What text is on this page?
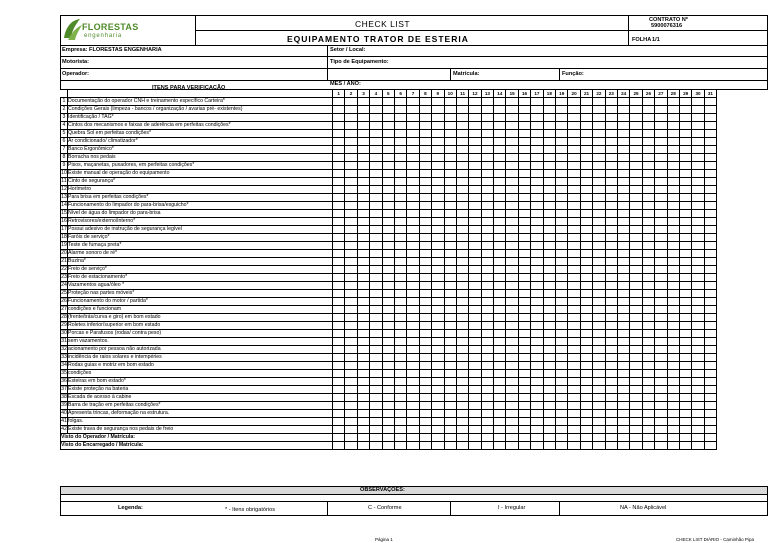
FLORESTAS
engenharia
CHECK LIST
EQUIPAMENTO TRATOR DE ESTERIA
CONTRATO Nº
5900076316
FOLHA 1/1
Empresa: FLORESTAS ENGENHARIA	Setor / Local:
Motorista:	Tipo de Equipamento:
Operador:	Matrícula:	Função:
ITENS PARA VERIFICAÇÃO
MÊS / ANO:
		1	2	3	4	5	6	7	8	9	10	11	12	13	14	15	16	17	18	19	20	21	22	23	24	25	26	27	28	29	30	31
1	Documentação do operador CNH e treinamento específico Carteira*																															
2	Condições Gerais (limpeza - bancos / organização / avarias pré- existentes)																															
3	Identificação / TAG*																															
4	Cintos dos mecanismos e faixas de aderência em perfeitas condições*																															
5	Quebra Sol em perfeitas condições*																															
6	Ar condicionado/ climatizador*																															
7	Banco Ergonômico*																															
8	Borracha nos pedais																															
9	Pisos, maçanetas, puxadores, em perfeitas condições*																															
10	Existe manual de operação do equipamento																															
11	Cinto de segurança*																															
12	Horímetro																															
13	Para brisa em perfeitas condições*																															
14	Funcionamento do limpador do para-brisa/esguicho*																															
15	Nível de água do limpador do para-brisa																															
16	Retrovisores/externo/interno*																															
17	Possui adesivo de instrução de segurança legível																															
18	Faróis de serviço*																															
19	Teste de fumaça preta*																															
20	Alarme sonoro de ré*																															
21	Buzina*																															
22	Freio de serviço*																															
23	Freio de estacionamento*																															
24	Vazamentos agua/óleo *																															
25	Proteção nas partes móveis*																															
26	Funcionamento do motor / partida*																															
27	condições e funcionam																															
28	(frente/trás/curva e giro) em bom estado																															
29	Roletes inferior/superior em bom estado																															
30	Porcas e Parafusos (rodas/ contra peso)																															
31	sem vazamentos.																															
32	acionamento por pessoa não autorizada																															
33	incidência de raios solares e intempéries																															
34	Rodas guias e motriz em bom estado																															
35	condições																															
36	Esteiras em bom estado*																															
37	Existe proteção na bateria																															
38	Escada de acesso à cabine																															
39	Barra de tração em perfeitas condições*																															
40	Apresenta trincas, deformação na estrutura.																															
41	folgas.																															
42	Existe trava de segurança nos pedais de freio																															
Visto do Operador / Matrícula:																																
Visto do Encarregado / Matrícula:																																
OBSERVAÇÕES:
Legenda:	* - Itens obrigatórios	C - Conforme	I - Irregular	NA - Não Aplicável
Página 1	CHECK LIST DIÁRIO - Caminhão Pipa
